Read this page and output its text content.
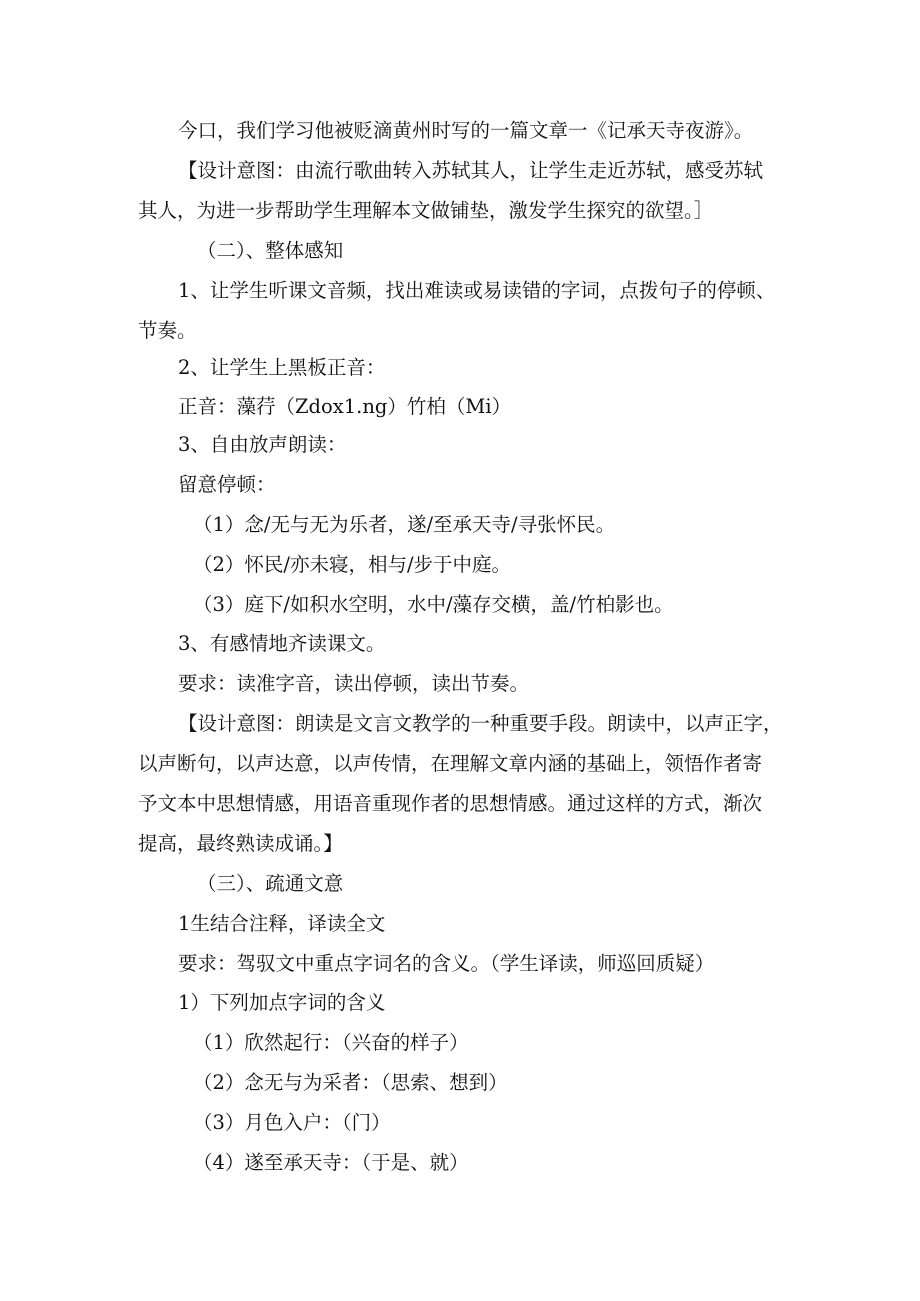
今口，我们学习他被贬滴黄州时写的一篇文章一《记承天寺夜游》。
【设计意图：由流行歌曲转入苏轼其人，让学生走近苏轼，感受苏轼
其人，为进一步帮助学生理解本文做铺垫，激发学生探究的欲望。］
（二）、整体感知
1、让学生听课文音频，找出难读或易读错的字词，点拨句子的停顿、
节奏。
2、让学生上黑板正音：
正音：藻荇（Zdox1.ng）竹柏（Mi）
3、自由放声朗读：
留意停顿：
（1）念/无与无为乐者，遂/至承天寺/寻张怀民。
（2）怀民/亦未寝，相与/步于中庭。
（3）庭下/如积水空明，水中/藻存交横，盖/竹柏影也。
3、有感情地齐读课文。
要求：读准字音，读出停顿，读出节奏。
【设计意图：朗读是文言文教学的一种重要手段。朗读中，以声正字，
以声断句，以声达意，以声传情，在理解文章内涵的基础上，领悟作者寄
予文本中思想情感，用语音重现作者的思想情感。通过这样的方式，渐次
提高，最终熟读成诵。】
（三）、疏通文意
1生结合注释，译读全文
要求：驾驭文中重点字词名的含义。（学生译读，师巡回质疑）
1）下列加点字词的含义
（1）欣然起行：（兴奋的样子）
（2）念无与为采者：（思索、想到）
（3）月色入户：（门）
（4）遂至承天寺：（于是、就）
